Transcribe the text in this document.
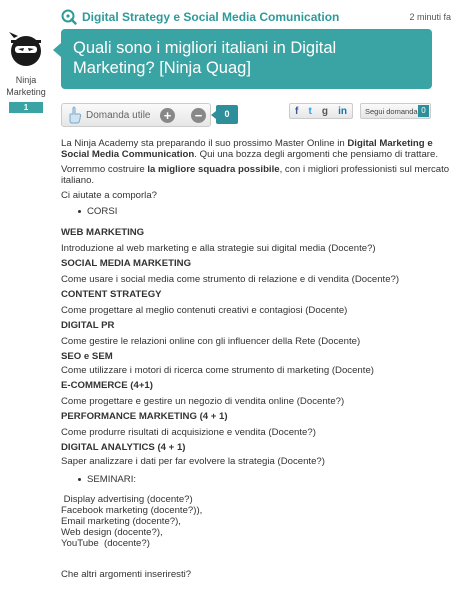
Digital Strategy e Social Media Comunication	2 minuti fa
Ninja
Marketing
1
Quali sono i migliori italiani in Digital Marketing? [Ninja Quag]
Domanda utile + −	0	f t g in Segui domanda 0

La Ninja Academy sta preparando il suo prossimo Master Online in Digital Marketing e Social Media Communication. Qui una bozza degli argomenti che pensiamo di trattare.

Vorremmo costruire la migliore squadra possibile, con i migliori professionisti sul mercato italiano.

Ci aiutate a comporla?

CORSI

WEB MARKETING

Introduzione al web marketing e alla strategie sui digital media (Docente?)

SOCIAL MEDIA MARKETING

Come usare i social media come strumento di relazione e di vendita (Docente?)

CONTENT STRATEGY

Come progettare al meglio contenuti creativi e contagiosi (Docente)

DIGITAL PR

Come gestire le relazioni online con gli influencer della Rete (Docente)

SEO e SEM

Come utilizzare i motori di ricerca come strumento di marketing (Docente)

E-COMMERCE (4+1)

Come progettare e gestire un negozio di vendita online (Docente?)

PERFORMANCE MARKETING (4 + 1)

Come produrre risultati di acquisizione e vendita (Docente?)

DIGITAL ANALYTICS (4 + 1)

Saper analizzare i dati per far evolvere la strategia (Docente?)

SEMINARI:

Display advertising (docente?)

Facebook marketing (docente?)),

Email marketing (docente?),

Web design (docente?),

YouTube  (docente?)

Che altri argomenti inseriresti?
